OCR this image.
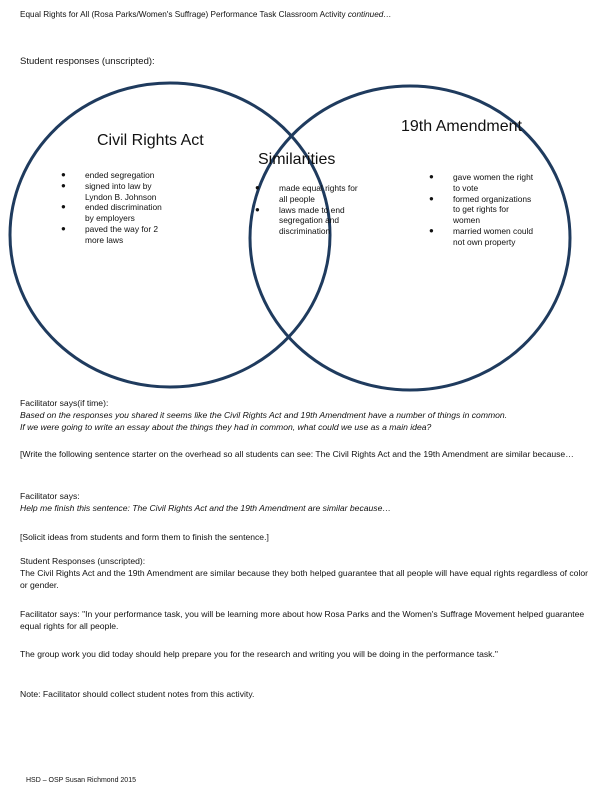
Equal Rights for All (Rosa Parks/Women's Suffrage) Performance Task Classroom Activity continued…
Student responses (unscripted):
Civil Rights Act
Similarities
19th Amendment
● ended segregation
● signed into law by
Lyndon B. Johnson
● ended discrimination
by employers
● paved the way for 2
more laws
● made equal rights for
all people
● laws made to end
segregation and
discrimination
● gave women the right
to vote
● formed organizations
to get rights for
women
● married women could
not own property
Facilitator says(if time):
Based on the responses you shared it seems like the Civil Rights Act and 19th Amendment have a number of things in common.
If we were going to write an essay about the things they had in common, what could we use as a main idea?
[Write the following sentence starter on the overhead so all students can see: The Civil Rights Act and the 19th Amendment are similar because…
Facilitator says:
Help me finish this sentence: The Civil Rights Act and the 19th Amendment are similar because…
[Solicit ideas from students and form them to finish the sentence.]
Student Responses (unscripted):
The Civil Rights Act and the 19th Amendment are similar because they both helped guarantee that all people will have equal rights regardless of color or gender.
Facilitator says: "In your performance task, you will be learning more about how Rosa Parks and the Women's Suffrage Movement helped guarantee equal rights for all people.
The group work you did today should help prepare you for the research and writing you will be doing in the performance task."
Note: Facilitator should collect student notes from this activity.
HSD – OSP Susan Richmond 2015
